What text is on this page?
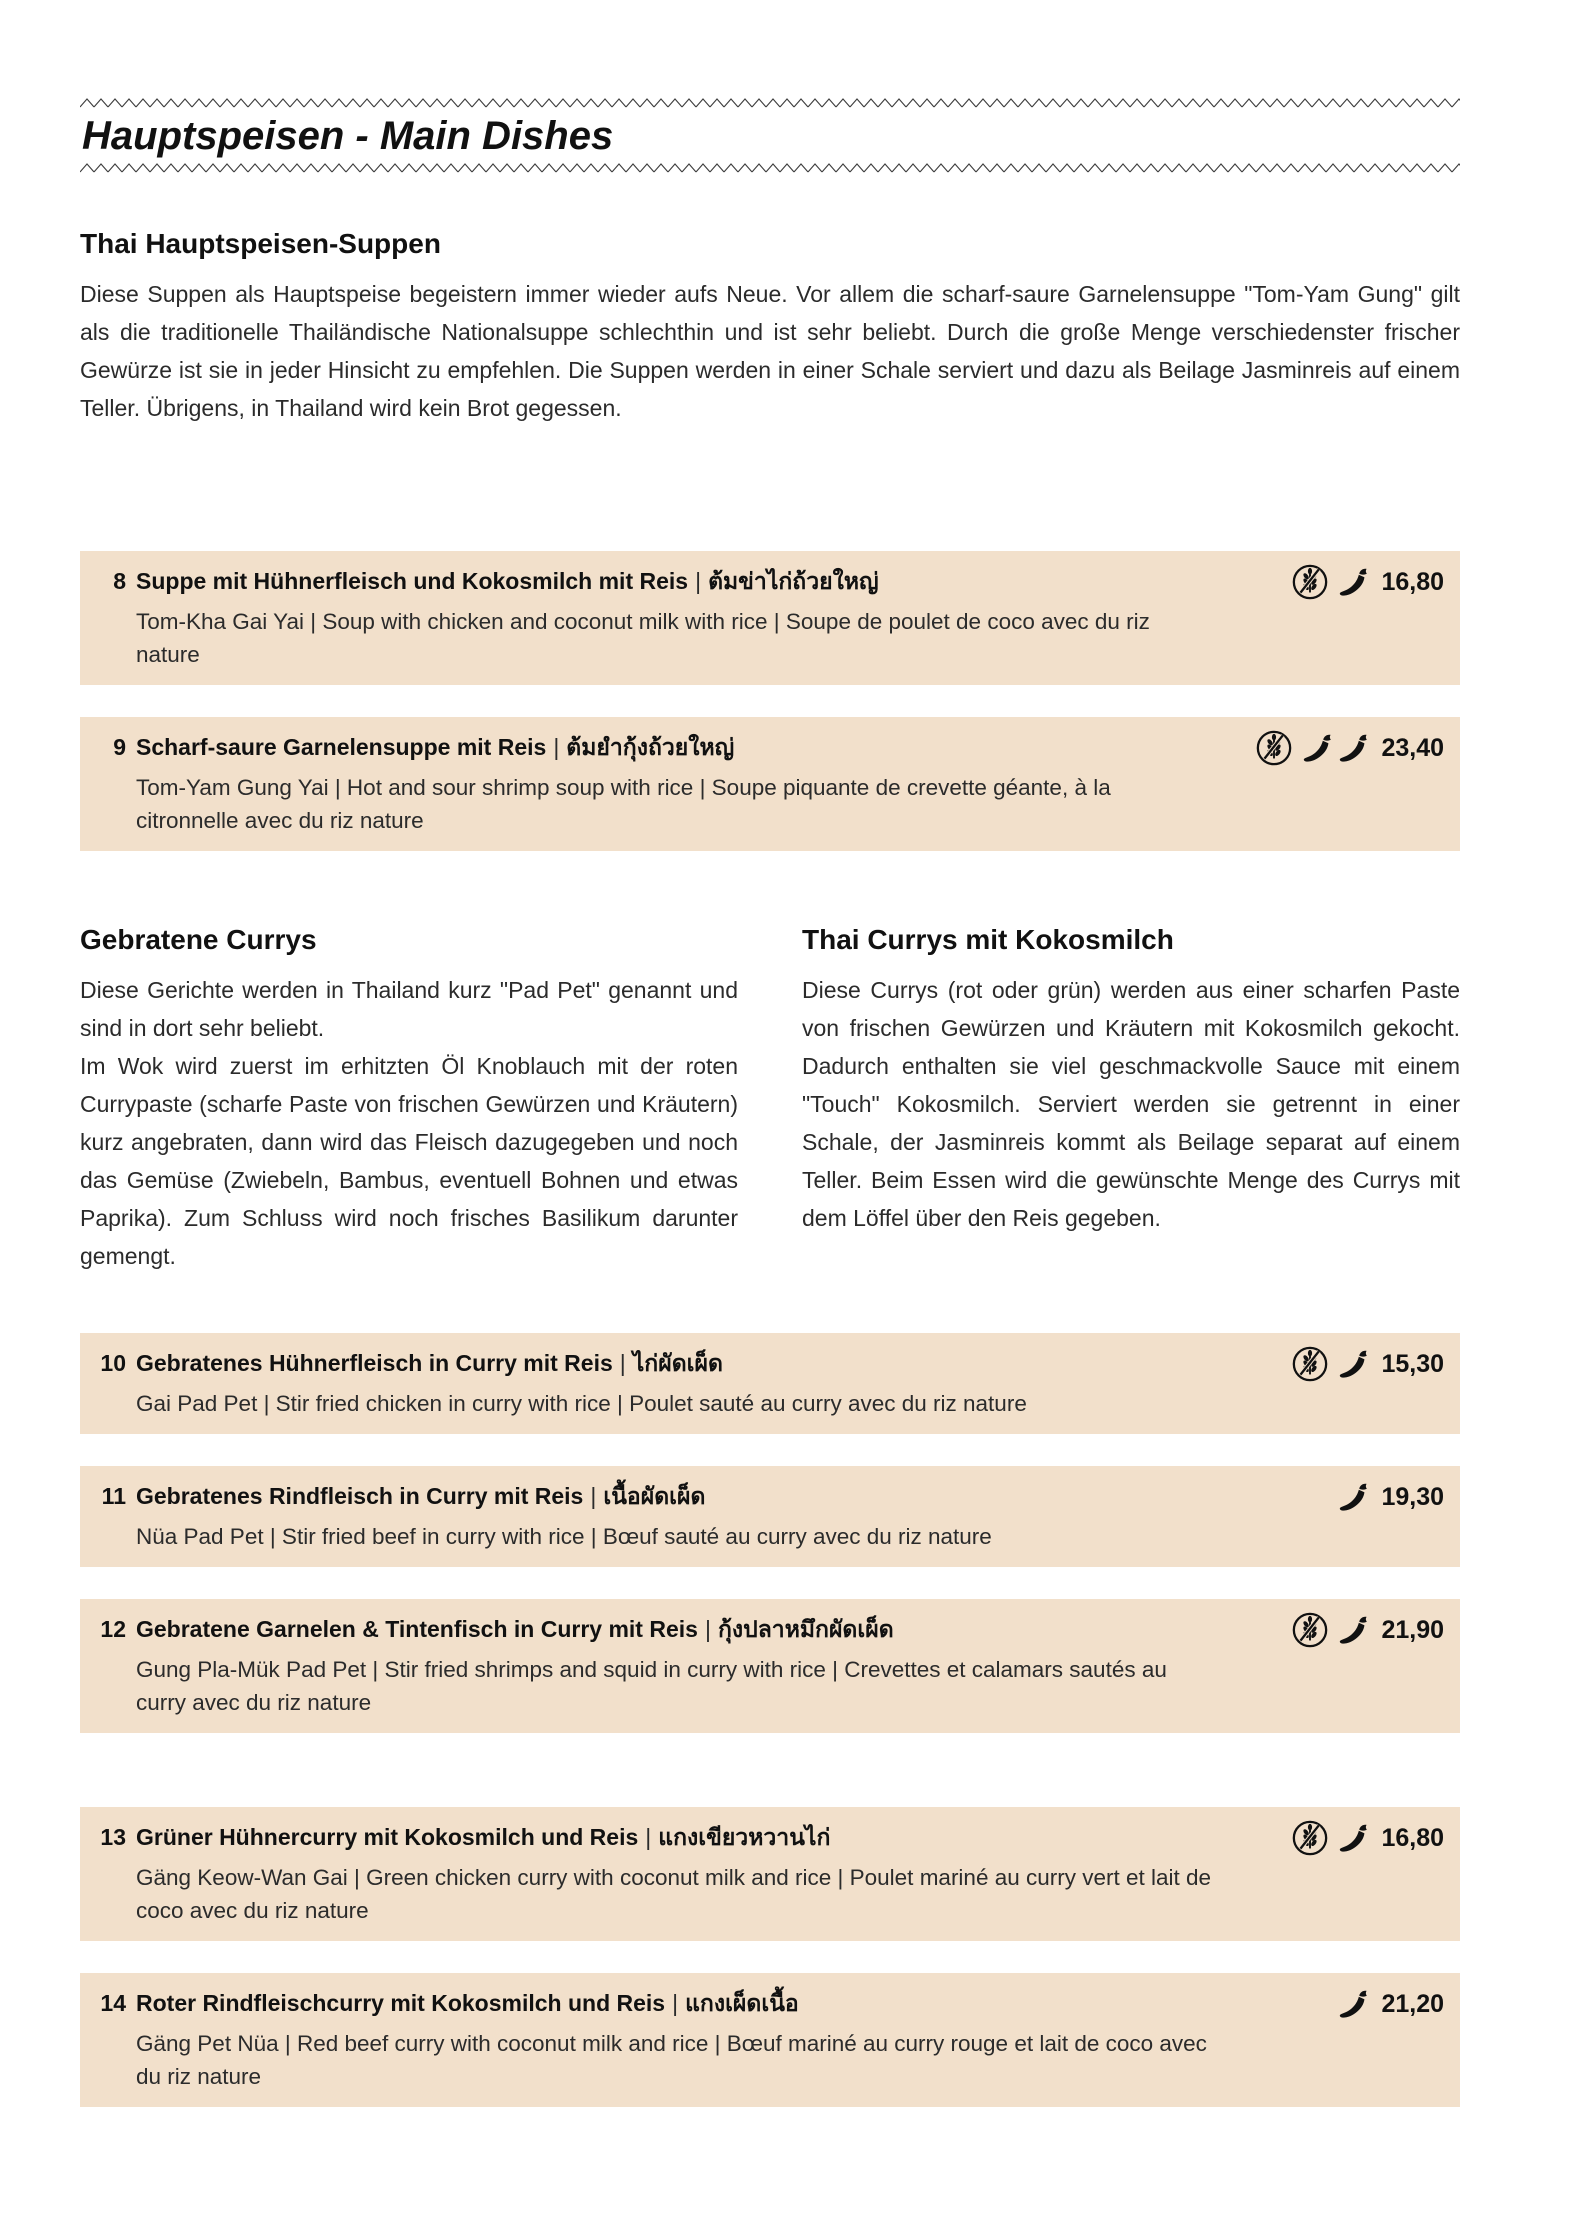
Hauptspeisen - Main Dishes
Thai Hauptspeisen-Suppen

Diese Suppen als Hauptspeise begeistern immer wieder aufs Neue. Vor allem die scharf-saure Garnelensuppe "Tom-Yam Gung" gilt als die traditionelle Thailändische Nationalsuppe schlechthin und ist sehr beliebt. Durch die große Menge verschiedenster frischer Gewürze ist sie in jeder Hinsicht zu empfehlen. Die Suppen werden in einer Schale serviert und dazu als Beilage Jasminreis auf einem Teller. Übrigens, in Thailand wird kein Brot gegessen.

8 Suppe mit Hühnerfleisch und Kokosmilch mit Reis | ต้มข่าไก่ถ้วยใหญ่	16,80
Tom-Kha Gai Yai | Soup with chicken and coconut milk with rice | Soupe de poulet de coco avec du riz nature
9 Scharf-saure Garnelensuppe mit Reis | ต้มยำกุ้งถ้วยใหญ่	23,40
Tom-Yam Gung Yai | Hot and sour shrimp soup with rice | Soupe piquante de crevette géante, à la citronnelle avec du riz nature
Gebratene Currys

Diese Gerichte werden in Thailand kurz "Pad Pet" genannt und sind in dort sehr beliebt.

Im Wok wird zuerst im erhitzten Öl Knoblauch mit der roten Currypaste (scharfe Paste von frischen Gewürzen und Kräutern) kurz angebraten, dann wird das Fleisch dazugegeben und noch das Gemüse (Zwiebeln, Bambus, eventuell Bohnen und etwas Paprika). Zum Schluss wird noch frisches Basilikum darunter gemengt.

Thai Currys mit Kokosmilch

Diese Currys (rot oder grün) werden aus einer scharfen Paste von frischen Gewürzen und Kräutern mit Kokosmilch gekocht. Dadurch enthalten sie viel geschmackvolle Sauce mit einem "Touch" Kokosmilch. Serviert werden sie getrennt in einer Schale, der Jasminreis kommt als Beilage separat auf einem Teller. Beim Essen wird die gewünschte Menge des Currys mit dem Löffel über den Reis gegeben.

10 Gebratenes Hühnerfleisch in Curry mit Reis | ไก่ผัดเผ็ด	15,30
Gai Pad Pet | Stir fried chicken in curry with rice | Poulet sauté au curry avec du riz nature
11 Gebratenes Rindfleisch in Curry mit Reis | เนื้อผัดเผ็ด	19,30
Nüa Pad Pet | Stir fried beef in curry with rice | Bœuf sauté au curry avec du riz nature
12 Gebratene Garnelen & Tintenfisch in Curry mit Reis | กุ้งปลาหมึกผัดเผ็ด	21,90
Gung Pla-Mük Pad Pet | Stir fried shrimps and squid in curry with rice | Crevettes et calamars sautés au curry avec du riz nature
13 Grüner Hühnercurry mit Kokosmilch und Reis | แกงเขียวหวานไก่	16,80
Gäng Keow-Wan Gai | Green chicken curry with coconut milk and rice | Poulet mariné au curry vert et lait de coco avec du riz nature
14 Roter Rindfleischcurry mit Kokosmilch und Reis | แกงเผ็ดเนื้อ	21,20
Gäng Pet Nüa | Red beef curry with coconut milk and rice | Bœuf mariné au curry rouge et lait de coco avec du riz nature
